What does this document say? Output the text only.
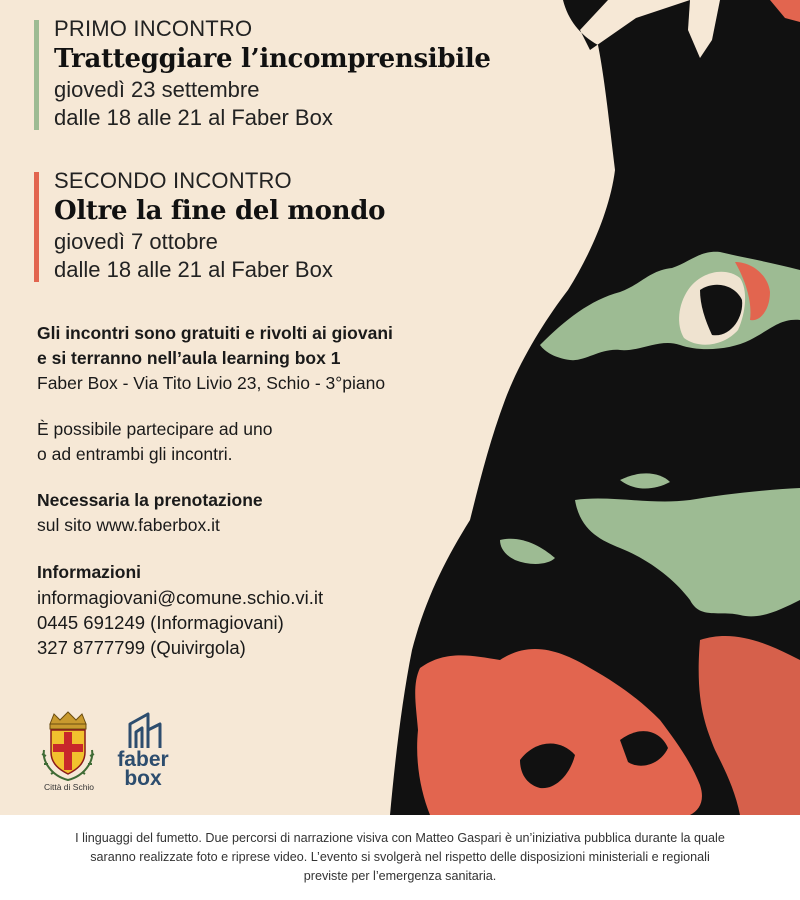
PRIMO INCONTRO
Tratteggiare l’incomprensibile
giovedì 23 settembre
dalle 18 alle 21 al Faber Box
SECONDO INCONTRO
Oltre la fine del mondo
giovedì 7 ottobre
dalle 18 alle 21 al Faber Box
Gli incontri sono gratuiti e rivolti ai giovani
e si terranno nell’aula learning box 1
Faber Box - Via Tito Livio 23, Schio - 3°piano
È possibile partecipare ad uno
o ad entrambi gli incontri.
Necessaria la prenotazione
sul sito www.faberbox.it
Informazioni
informagiovani@comune.schio.vi.it
0445 691249 (Informagiovani)
327 8777799 (Quivirgola)
Città di Schio
faber
box

I linguaggi del fumetto. Due percorsi di narrazione visiva con Matteo Gaspari è un’iniziativa pubblica durante la quale saranno realizzate foto e riprese video. L’evento si svolgerà nel rispetto delle disposizioni ministeriali e regionali previste per l’emergenza sanitaria.
